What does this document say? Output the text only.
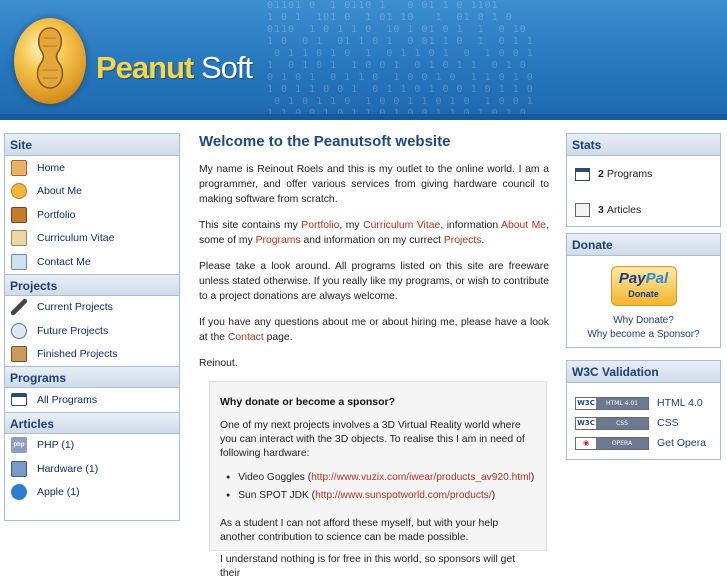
01101 0  1 0110 1   0 01 1 0 1101
1 0 1  101 0  1 01 10   1  01 0 1 0
0110  1 0 1 1 0  10 1 01 0 1  1  0 10
1 0  0 1  01 1 0 1  0 01 1 0  1  0 1 1
0 1 1 0 1 0  1  0 1 1 0 1  0  1 0 0 1
1  0 1 0 1  1 0 0 1  0 1 0 1 1  0 1 0
0 1 0 1  0 1 1 0  1 0 0 1 0  1 1 0 1 0
1 0 1 1 0 0 1  0 1 1 0 1 0 0 1 0 1 1 0
0 1 0 1 1 0  1 0 0 1 1 0 1 0  1 0 0 1

Peanut Soft
Site
Home
About Me
Portfolio
Curriculum Vitae
Contact Me
Projects
Current Projects
Future Projects
Finished Projects
Programs
All Programs
Articles
php PHP (1)
Hardware (1)
Apple (1)
Welcome to the Peanutsoft website

My name is Reinout Roels and this is my outlet to the online world. I am a programmer, and offer various services from giving hardware council to making software from scratch.

This site contains my Portfolio, my Curriculum Vitae, information About Me, some of my Programs and information on my currect Projects.

Please take a look around. All programs listed on this site are freeware unless stated otherwise. If you really like my programs, or wish to contribute to a project donations are always welcome.

If you have any questions about me or about hiring me, please have a look at the Contact page.

Reinout.

Why donate or become a sponsor?

One of my next projects involves a 3D Virtual Reality world where you can interact with the 3D objects. To realise this I am in need of following hardware:

● Video Goggles (http://www.vuzix.com/iwear/products_av920.html)
● Sun SPOT JDK (http://www.sunspotworld.com/products/)

As a student I can not afford these myself, but with your help another contribution to science can be made possible.

I understand nothing is for free in this world, so sponsors will get their

Stats
2 Programs
3 Articles
Donate
PayPal
Donate
Why Donate?
Why become a Sponsor?
W3C Validation
W3C	HTML 4.01	HTML 4.0
W3C	CSS	CSS
◉	OPERA	Get Opera
